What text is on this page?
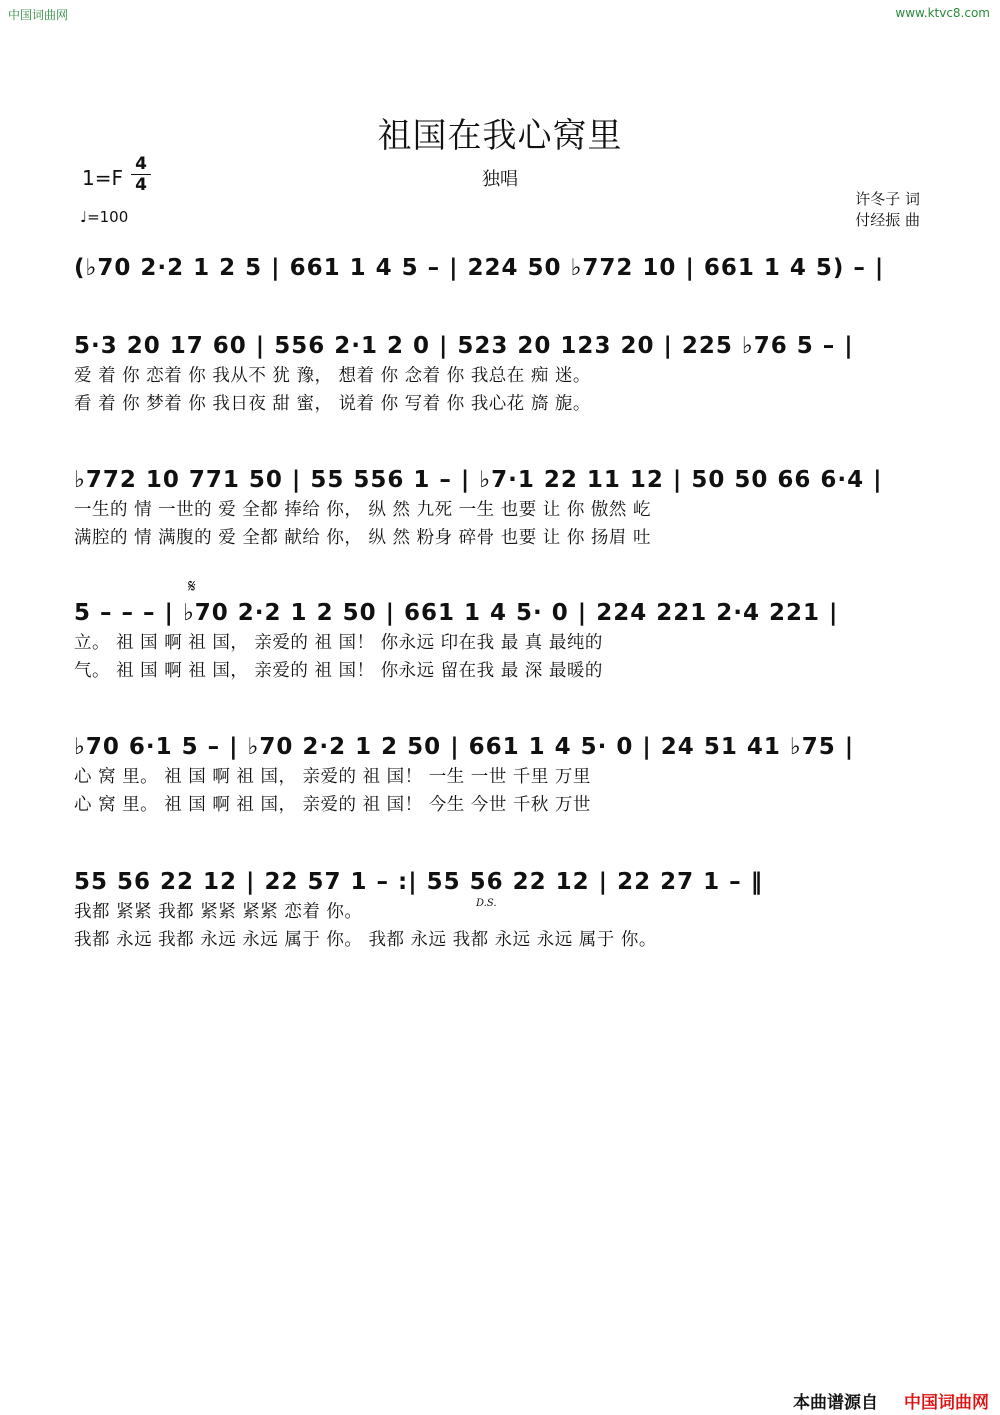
中国词曲网	www.ktvc8.com
祖国在我心窝里
独唱
1=F
4
4
♩=100
许冬子 词
付经振 曲
(♭70 2·2 1 2 5 | 661 1 4 5 – | 224 50 ♭772 10 | 661 1 4 5) – |
5·3 20 17 60 | 556 2·1 2 0 | 523 20 123 20 | 225 ♭76 5 – |
爱 着 你 恋着 你 我从不 犹 豫， 想着 你 念着 你 我总在 痴 迷。
看 着 你 梦着 你 我日夜 甜 蜜， 说着 你 写着 你 我心花 旖 旎。
♭772 10 771 50 | 55 556 1 – | ♭7·1 22 11 12 | 50 50 66 6·4 |
一生的 情 一世的 爱 全都 捧给 你， 纵 然 九死 一生 也要 让 你 傲然 屹
满腔的 情 满腹的 爱 全都 献给 你， 纵 然 粉身 碎骨 也要 让 你 扬眉 吐
𝄋
5 – – – | ♭70 2·2 1 2 50 | 661 1 4 5· 0 | 224 221 2·4 221 |
立。 祖 国 啊 祖 国， 亲爱的 祖 国！ 你永远 印在我 最 真 最纯的
气。 祖 国 啊 祖 国， 亲爱的 祖 国！ 你永远 留在我 最 深 最暖的
♭70 6·1 5 – | ♭70 2·2 1 2 50 | 661 1 4 5· 0 | 24 51 41 ♭75 |
心 窝 里。 祖 国 啊 祖 国， 亲爱的 祖 国！ 一生 一世 千里 万里
心 窝 里。 祖 国 啊 祖 国， 亲爱的 祖 国！ 今生 今世 千秋 万世
55 56 22 12 | 22 57 1 – :| 55 56 22 12 | 22 27 1 – ‖
我都 紧紧 我都 紧紧 紧紧 恋着 你。
我都 永远 我都 永远 永远 属于 你。 我都 永远 我都 永远 永远 属于 你。
D.S.
本曲谱源自 中国词曲网
